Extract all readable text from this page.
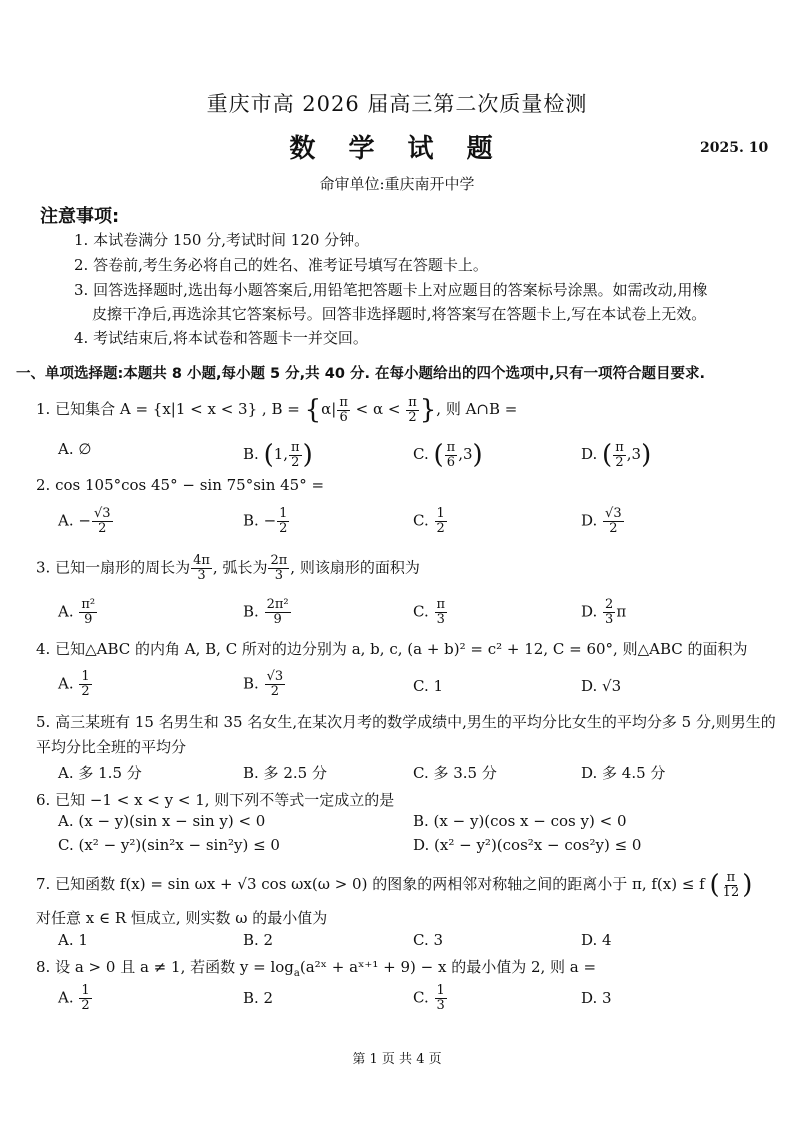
重庆市高 2026 届高三第二次质量检测
数 学 试 题	2025. 10
命审单位:重庆南开中学
注意事项:
1. 本试卷满分 150 分,考试时间 120 分钟。
2. 答卷前,考生务必将自己的姓名、准考证号填写在答题卡上。
3. 回答选择题时,选出每小题答案后,用铅笔把答题卡上对应题目的答案标号涂黑。如需改动,用橡
皮擦干净后,再选涂其它答案标号。回答非选择题时,将答案写在答题卡上,写在本试卷上无效。
4. 考试结束后,将本试卷和答题卡一并交回。
一、单项选择题:本题共 8 小题,每小题 5 分,共 40 分. 在每小题给出的四个选项中,只有一项符合题目要求.
1. 已知集合 A = {x|1 < x < 3} , $B = \{\alpha| \frac{\pi}{6} < \alpha < \frac{\pi}{2}$ }, 则 A∩B =
A. ∅	B. (1, $\frac{\pi}{2}$ )	C. ( $\frac{\pi}{6} ,3$)	D. ( $\frac{\pi}{2} ,3$)
2. cos 105°cos 45° − sin 75°sin 45° =
A. − $\frac{√3}{2}$	B. − $\frac{1}{2}$	C. $\frac{1}{2}$	D. $\frac{√3}{2}$
3. 已知一扇形的周长为 $\frac{4\pi}{3}$ , 弧长为 $\frac{2\pi}{3}$ , 则该扇形的面积为
A. $\frac{\text{π²}}{9}$	B. $\frac{\text{2π²}}{9}$	C. $\frac{\pi}{3}$	D. $\frac{2}{3}$ π
4. 已知△ABC 的内角 A, B, C 所对的边分别为 a, b, c, (a + b)² = c² + 12, C = 60°, 则△ABC 的面积为
A. $\frac{1}{2}$	B. $\frac{√3}{2}$	C. 1	D. √3
5. 高三某班有 15 名男生和 35 名女生,在某次月考的数学成绩中,男生的平均分比女生的平均分多 5 分,则男生的平均分比全班的平均分
A. 多 1.5 分	B. 多 2.5 分	C. 多 3.5 分	D. 多 4.5 分
6. 已知 −1 < x < y < 1, 则下列不等式一定成立的是
A. (x − y)(sin x − sin y) < 0	B. (x − y)(cos x − cos y) < 0
C. (x² − y²)(sin²x − sin²y) ≤ 0	D. (x² − y²)(cos²x − cos²y) ≤ 0
7. 已知函数 f(x) = sin ωx + √3 cos ωx(ω > 0) 的图象的两相邻对称轴之间的距离小于 π, f(x) ≤ f ( $\frac{\pi}{12}$ )
对任意 x ∈ R 恒成立, 则实数 ω 的最小值为
A. 1	B. 2	C. 3	D. 4
8. 设 a > 0 且 a ≠ 1, 若函数 $y = \log_a(a^2ˣ$ + aˣ⁺¹ + 9) − x 的最小值为 2, 则 a =
A. $\frac{1}{2}$	B. 2	C. $\frac{1}{3}$	D. 3
第 1 页 共 4 页
